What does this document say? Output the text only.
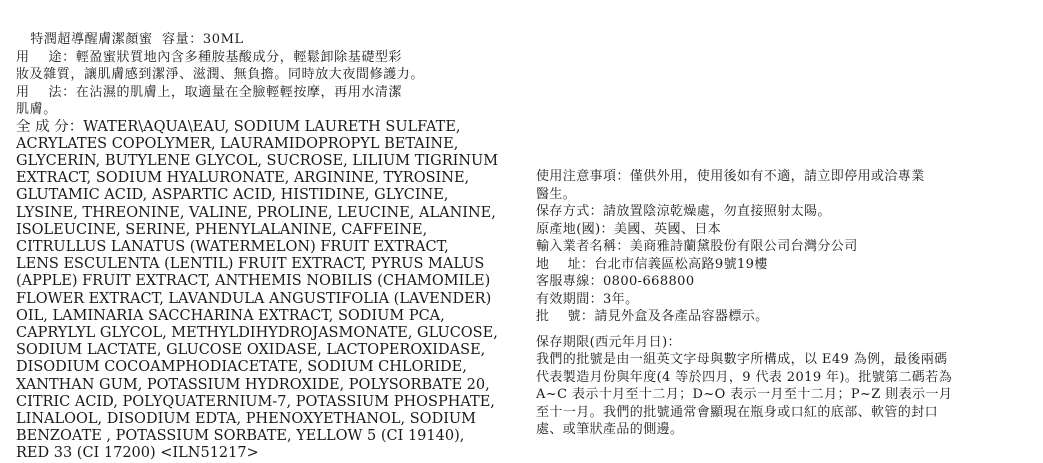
特潤超導醒膚潔顏蜜  容量：30ML
用    途：輕盈蜜狀質地內含多種胺基酸成分，輕鬆卸除基礎型彩
妝及雜質，讓肌膚感到潔淨、滋潤、無負擔。同時放大夜間修護力。
用    法：在沾濕的肌膚上，取適量在全臉輕輕按摩，再用水清潔
肌膚。
全 成 分：WATER\AQUA\EAU, SODIUM LAURETH SULFATE,
ACRYLATES COPOLYMER, LAURAMIDOPROPYL BETAINE,
GLYCERIN, BUTYLENE GLYCOL, SUCROSE, LILIUM TIGRINUM
EXTRACT, SODIUM HYALURONATE, ARGININE, TYROSINE,
GLUTAMIC ACID, ASPARTIC ACID, HISTIDINE, GLYCINE,
LYSINE, THREONINE, VALINE, PROLINE, LEUCINE, ALANINE,
ISOLEUCINE, SERINE, PHENYLALANINE, CAFFEINE,
CITRULLUS LANATUS (WATERMELON) FRUIT EXTRACT,
LENS ESCULENTA (LENTIL) FRUIT EXTRACT, PYRUS MALUS
(APPLE) FRUIT EXTRACT, ANTHEMIS NOBILIS (CHAMOMILE)
FLOWER EXTRACT, LAVANDULA ANGUSTIFOLIA (LAVENDER)
OIL, LAMINARIA SACCHARINA EXTRACT, SODIUM PCA,
CAPRYLYL GLYCOL, METHYLDIHYDROJASMONATE, GLUCOSE,
SODIUM LACTATE, GLUCOSE OXIDASE, LACTOPEROXIDASE,
DISODIUM COCOAMPHODIACETATE, SODIUM CHLORIDE,
XANTHAN GUM, POTASSIUM HYDROXIDE, POLYSORBATE 20,
CITRIC ACID, POLYQUATERNIUM-7, POTASSIUM PHOSPHATE,
LINALOOL, DISODIUM EDTA, PHENOXYETHANOL, SODIUM
BENZOATE , POTASSIUM SORBATE, YELLOW 5 (CI 19140),
RED 33 (CI 17200) <ILN51217>
使用注意事項：僅供外用，使用後如有不適，請立即停用或洽專業
醫生。
保存方式：請放置陰涼乾燥處，勿直接照射太陽。
原產地(國)：美國、英國、日本
輸入業者名稱：美商雅詩蘭黛股份有限公司台灣分公司
地    址：台北市信義區松高路9號19樓
客服專線：0800-668800
有效期間：3年。
批    號：請見外盒及各產品容器標示。
保存期限(西元年月日)：
我們的批號是由一組英文字母與數字所構成，以 E49 為例，最後兩碼
代表製造月份與年度(4 等於四月，9 代表 2019 年)。批號第二碼若為
A~C 表示十月至十二月；D~O 表示一月至十二月；P~Z 則表示一月
至十一月。我們的批號通常會顯現在瓶身或口紅的底部、軟管的封口
處、或筆狀產品的側邊。
